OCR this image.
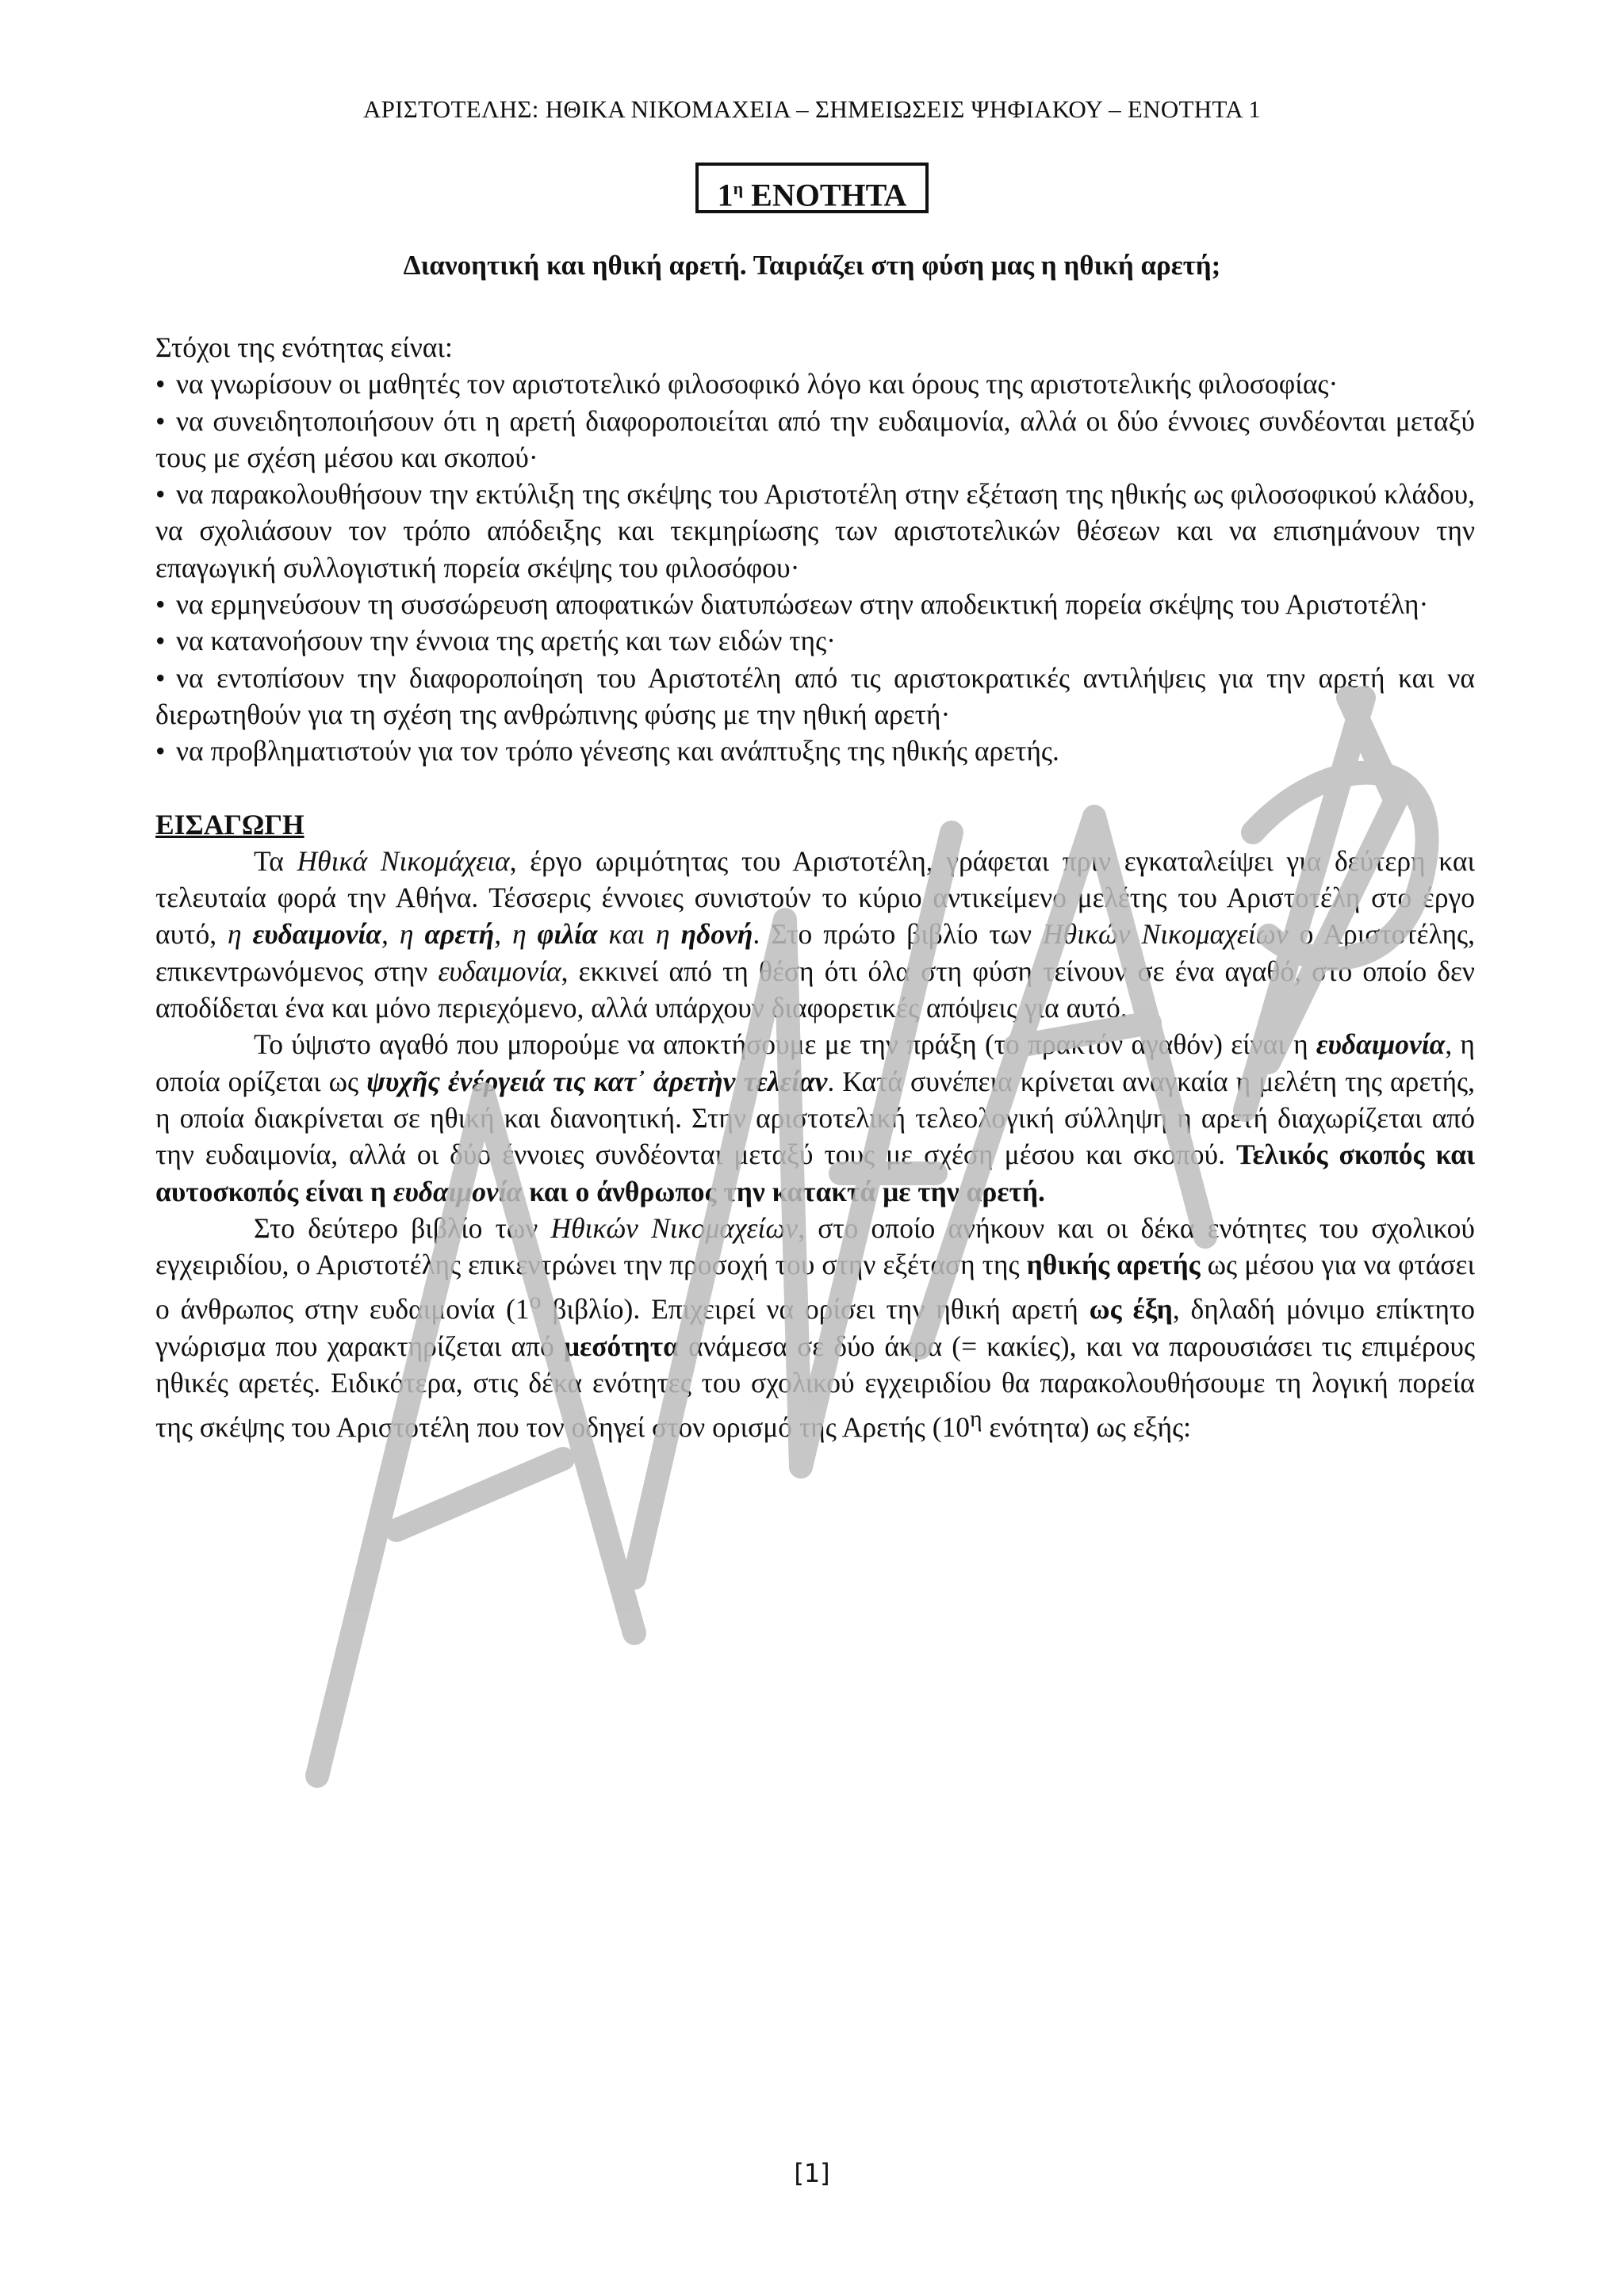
ΑΡΙΣΤΟΤΕΛΗΣ: ΗΘΙΚΑ ΝΙΚΟΜΑΧΕΙΑ – ΣΗΜΕΙΩΣΕΙΣ ΨΗΦΙΑΚΟΥ – ΕΝΟΤΗΤΑ 1
$1^\eta$ ΕΝΟΤΗΤΑ
Διανοητική και ηθική αρετή. Ταιριάζει στη φύση μας η ηθική αρετή;

Στόχοι της ενότητας είναι:

• να γνωρίσουν οι μαθητές τον αριστοτελικό φιλοσοφικό λόγο και όρους της αριστοτελικής φιλοσοφίας·

• να συνειδητοποιήσουν ότι η αρετή διαφοροποιείται από την ευδαιμονία, αλλά οι δύο έννοιες συνδέονται μεταξύ τους με σχέση μέσου και σκοπού·

• να παρακολουθήσουν την εκτύλιξη της σκέψης του Αριστοτέλη στην εξέταση της ηθικής ως φιλοσοφικού κλάδου, να σχολιάσουν τον τρόπο απόδειξης και τεκμηρίωσης των αριστοτελικών θέσεων και να επισημάνουν την επαγωγική συλλογιστική πορεία σκέψης του φιλοσόφου·

• να ερμηνεύσουν τη συσσώρευση αποφατικών διατυπώσεων στην αποδεικτική πορεία σκέψης του Αριστοτέλη·

• να κατανοήσουν την έννοια της αρετής και των ειδών της·

• να εντοπίσουν την διαφοροποίηση του Αριστοτέλη από τις αριστοκρατικές αντιλήψεις για την αρετή και να διερωτηθούν για τη σχέση της ανθρώπινης φύσης με την ηθική αρετή·

• να προβληματιστούν για τον τρόπο γένεσης και ανάπτυξης της ηθικής αρετής.

ΕΙΣΑΓΩΓΗ

Τα Ηθικά Νικομάχεια, έργο ωριμότητας του Αριστοτέλη, γράφεται πριν εγκαταλείψει για δεύτερη και τελευταία φορά την Αθήνα. Τέσσερις έννοιες συνιστούν το κύριο αντικείμενο μελέτης του Αριστοτέλη στο έργο αυτό, η ευδαιμονία, η αρετή, η φιλία και η ηδονή. Στο πρώτο βιβλίο των Ηθικών Νικομαχείων ο Αριστοτέλης, επικεντρωνόμενος στην ευδαιμονία, εκκινεί από τη θέση ότι όλα στη φύση τείνουν σε ένα αγαθό, στο οποίο δεν αποδίδεται ένα και μόνο περιεχόμενο, αλλά υπάρχουν διαφορετικές απόψεις για αυτό.

Το ύψιστο αγαθό που μπορούμε να αποκτήσουμε με την πράξη (το πρακτόν αγαθόν) είναι η ευδαιμονία, η οποία ορίζεται ως ψυχῆς ἐνέργειά τις κατ᾽ ἀρετὴν τελείαν. Κατά συνέπεια κρίνεται αναγκαία η μελέτη της αρετής, η οποία διακρίνεται σε ηθική και διανοητική. Στην αριστοτελική τελεολογική σύλληψη η αρετή διαχωρίζεται από την ευδαιμονία, αλλά οι δύο έννοιες συνδέονται μεταξύ τους με σχέση μέσου και σκοπού. Τελικός σκοπός και αυτοσκοπός είναι η ευδαιμονία και ο άνθρωπος την κατακτά με την αρετή.

Στο δεύτερο βιβλίο των Ηθικών Νικομαχείων, στο οποίο ανήκουν και οι δέκα ενότητες του σχολικού εγχειριδίου, ο Αριστοτέλης επικεντρώνει την προσοχή του στην εξέταση της ηθικής αρετής ως μέσου για να φτάσει ο άνθρωπος στην ευδαιμονία ($1^o$ βιβλίο). Επιχειρεί να ορίσει την ηθική αρετή ως έξη, δηλαδή μόνιμο επίκτητο γνώρισμα που χαρακτηρίζεται από μεσότητα ανάμεσα σε δύο άκρα (= κακίες), και να παρουσιάσει τις επιμέρους ηθικές αρετές. Ειδικότερα, στις δέκα ενότητες του σχολικού εγχειριδίου θα παρακολουθήσουμε τη λογική πορεία της σκέψης του Αριστοτέλη που τον οδηγεί στον ορισμό της Αρετής ($10^\eta$ ενότητα) ως εξής:

[1]
